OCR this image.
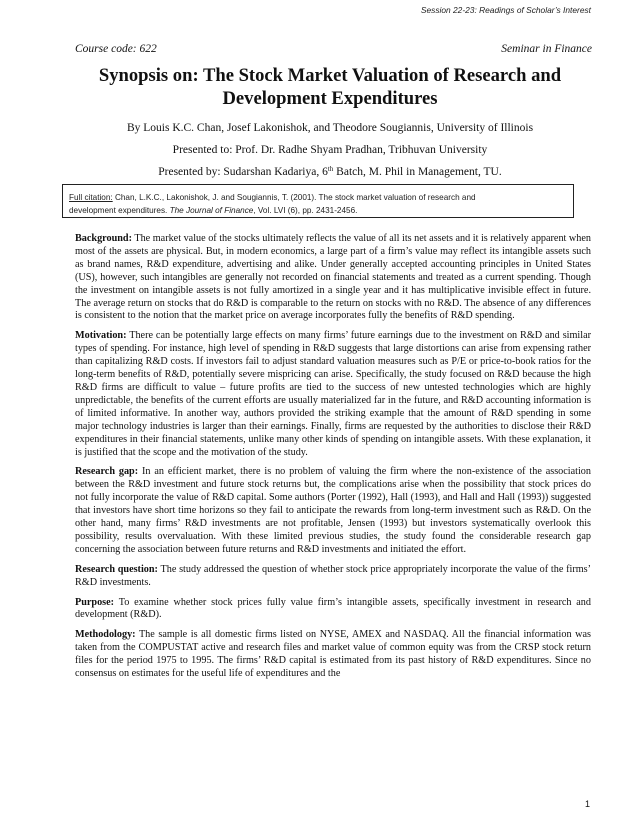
Session 22-23: Readings of Scholar’s Interest
Course code: 622	Seminar in Finance
Synopsis on: The Stock Market Valuation of Research and Development Expenditures
By Louis K.C. Chan, Josef Lakonishok, and Theodore Sougiannis, University of Illinois
Presented to: Prof. Dr. Radhe Shyam Pradhan, Tribhuvan University
Presented by: Sudarshan Kadariya, 6th Batch, M. Phil in Management, TU.
Full citation: Chan, L.K.C., Lakonishok, J. and Sougiannis, T. (2001). The stock market valuation of research and
development expenditures. The Journal of Finance, Vol. LVI (6), pp. 2431-2456.

Background: The market value of the stocks ultimately reflects the value of all its net assets and it is relatively apparent when most of the assets are physical. But, in modern economics, a large part of a firm’s value may reflect its intangible assets such as brand names, R&D expenditure, advertising and alike. Under generally accepted accounting principles in United States (US), however, such intangibles are generally not recorded on financial statements and treated as a current spending. Though the investment on intangible assets is not fully amortized in a single year and it has multiplicative invisible effect in future. The average return on stocks that do R&D is comparable to the return on stocks with no R&D. The absence of any differences is consistent to the notion that the market price on average incorporates fully the benefits of R&D spending.

Motivation: There can be potentially large effects on many firms’ future earnings due to the investment on R&D and similar types of spending. For instance, high level of spending in R&D suggests that large distortions can arise from expensing rather than capitalizing R&D costs. If investors fail to adjust standard valuation measures such as P/E or price-to-book ratios for the long-term benefits of R&D, potentially severe mispricing can arise. Specifically, the study focused on R&D because the high R&D firms are difficult to value – future profits are tied to the success of new untested technologies which are highly unpredictable, the benefits of the current efforts are usually materialized far in the future, and R&D accounting information is of limited informative. In another way, authors provided the striking example that the amount of R&D spending in some major technology industries is larger than their earnings. Finally, firms are requested by the authorities to disclose their R&D expenditures in their financial statements, unlike many other kinds of spending on intangible assets. With these explanation, it is justified that the scope and the motivation of the study.

Research gap: In an efficient market, there is no problem of valuing the firm where the non-existence of the association between the R&D investment and future stock returns but, the complications arise when the possibility that stock prices do not fully incorporate the value of R&D capital. Some authors (Porter (1992), Hall (1993), and Hall and Hall (1993)) suggested that investors have short time horizons so they fail to anticipate the rewards from long-term investment such as R&D. On the other hand, many firms’ R&D investments are not profitable, Jensen (1993) but investors systematically overlook this possibility, results overvaluation. With these limited previous studies, the study found the considerable research gap concerning the association between future returns and R&D investments and initiated the effort.

Research question: The study addressed the question of whether stock price appropriately incorporate the value of the firms’ R&D investments.

Purpose: To examine whether stock prices fully value firm’s intangible assets, specifically investment in research and development (R&D).

Methodology: The sample is all domestic firms listed on NYSE, AMEX and NASDAQ. All the financial information was taken from the COMPUSTAT active and research files and market value of common equity was from the CRSP stock return files for the period 1975 to 1995. The firms’ R&D capital is estimated from its past history of R&D expenditures. Since no consensus on estimates for the useful life of expenditures and the

1
